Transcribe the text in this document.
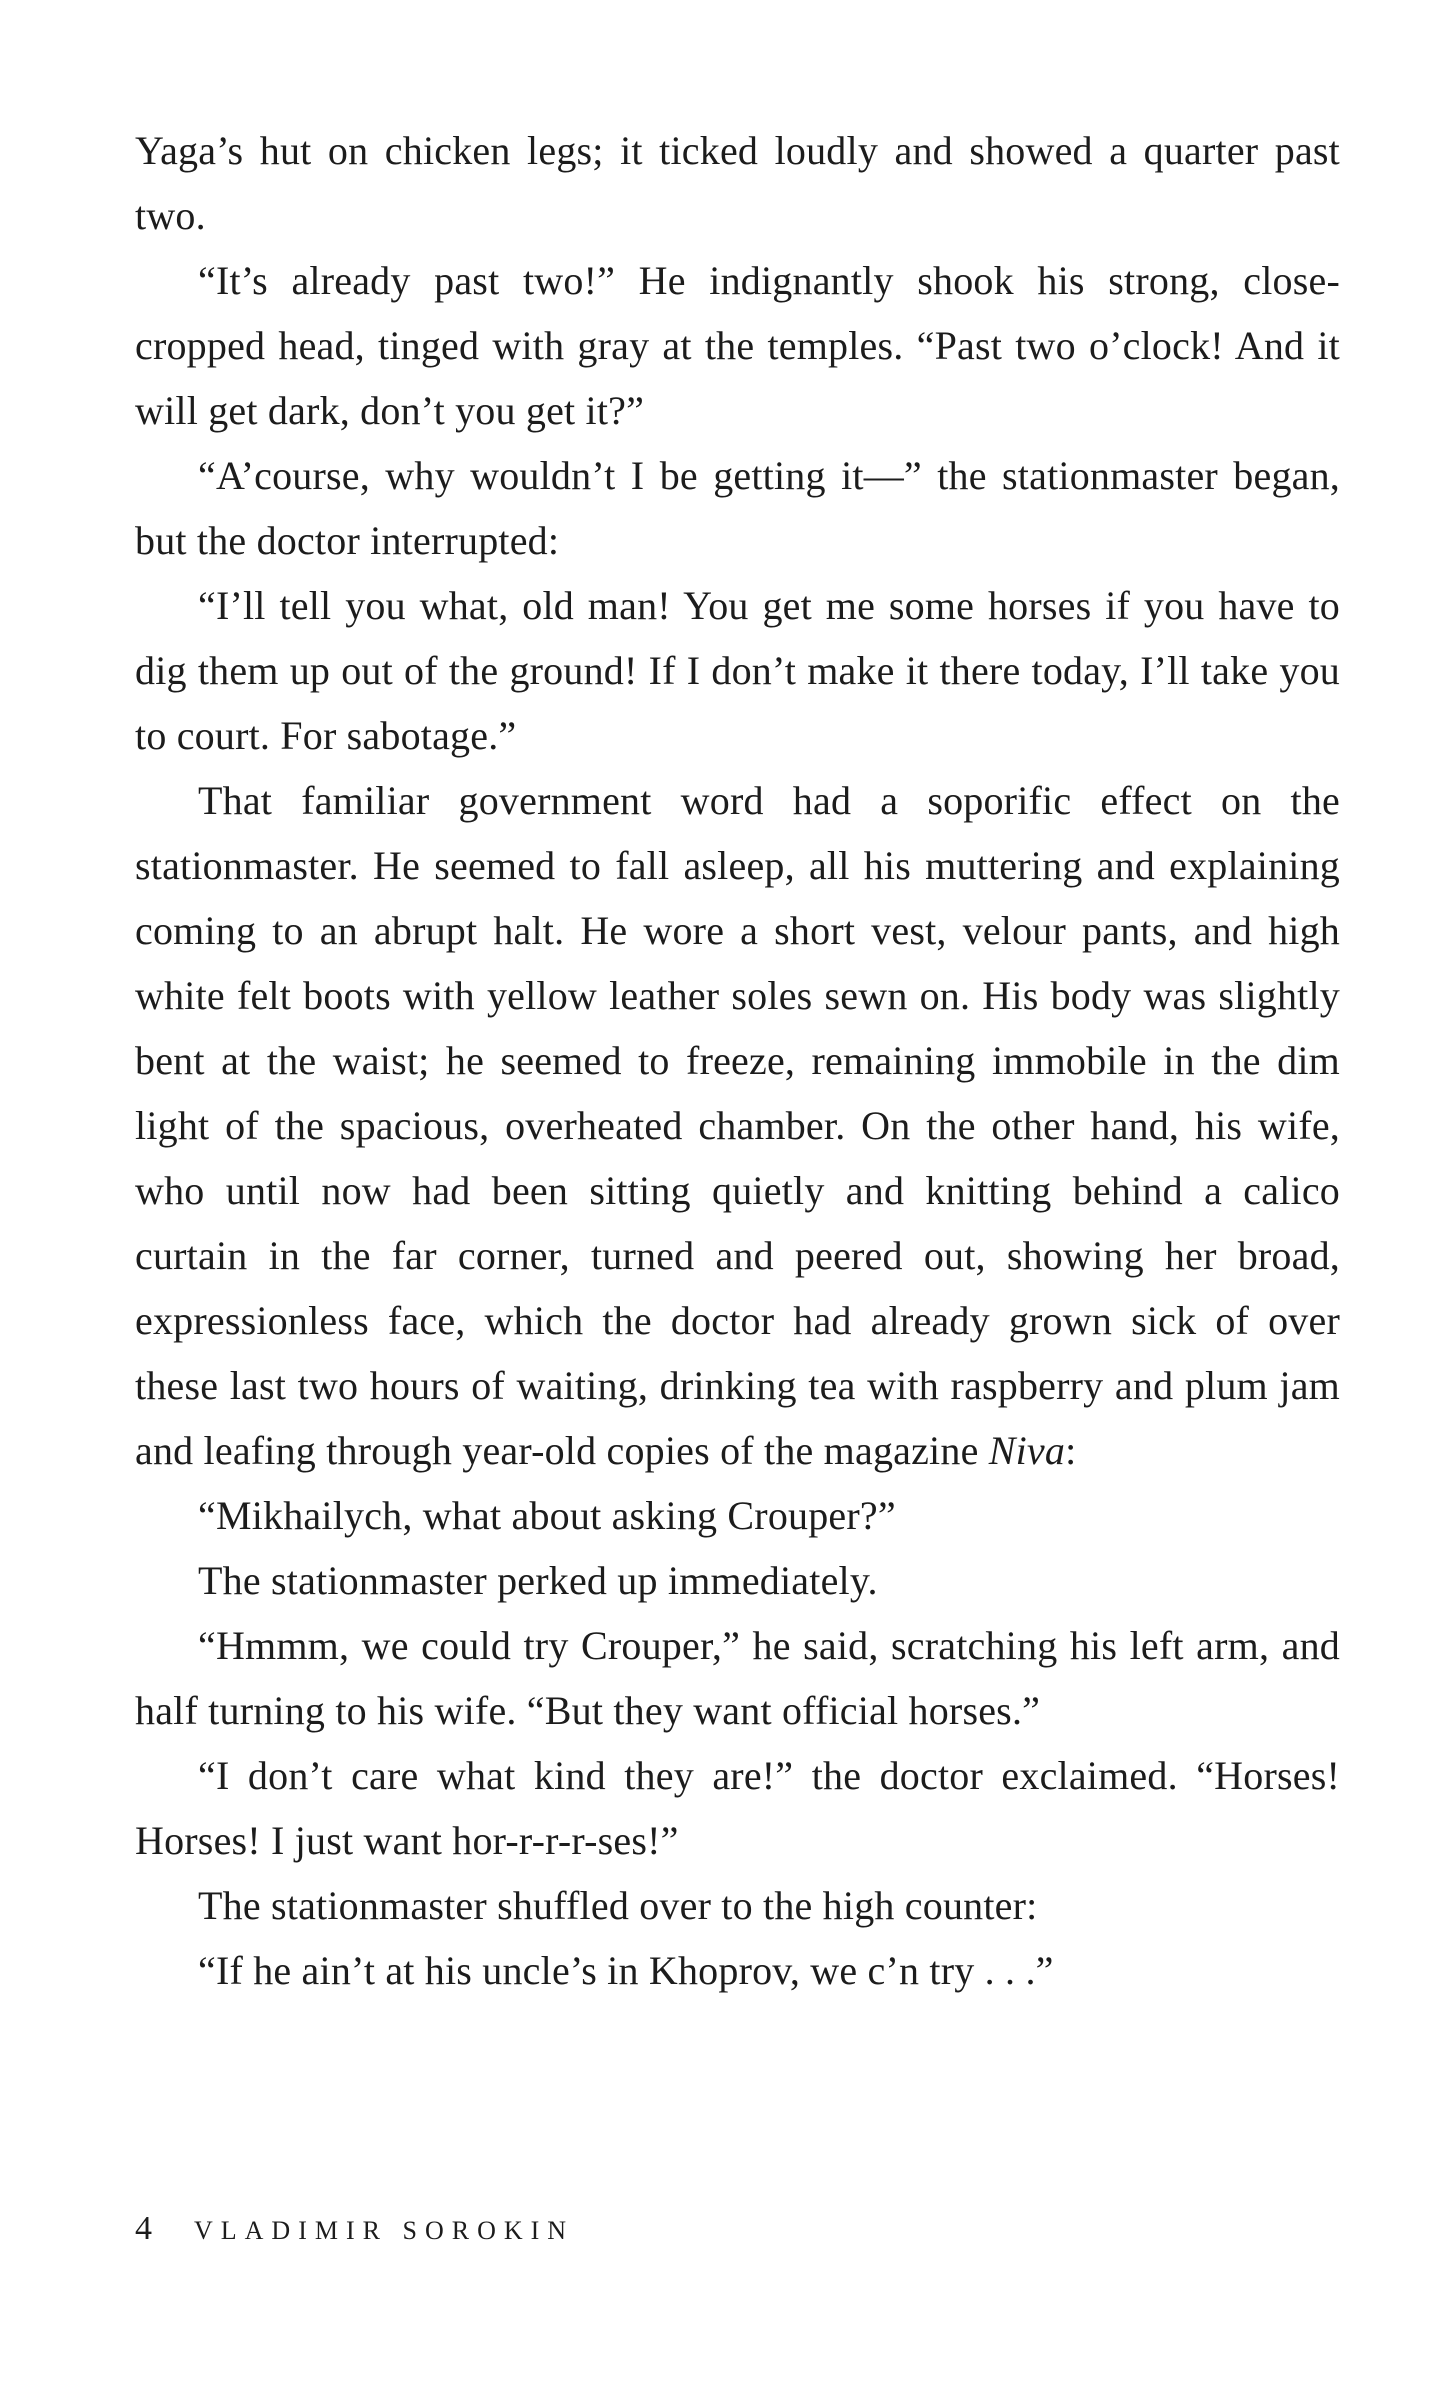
Yaga’s hut on chicken legs; it ticked loudly and showed a quarter past two.

“It’s already past two!” He indignantly shook his strong, close-cropped head, tinged with gray at the temples. “Past two o’clock! And it will get dark, don’t you get it?”

“A’course, why wouldn’t I be getting it—” the stationmaster began, but the doctor interrupted:

“I’ll tell you what, old man! You get me some horses if you have to dig them up out of the ground! If I don’t make it there today, I’ll take you to court. For sabotage.”

That familiar government word had a soporific effect on the stationmaster. He seemed to fall asleep, all his muttering and explaining coming to an abrupt halt. He wore a short vest, velour pants, and high white felt boots with yellow leather soles sewn on. His body was slightly bent at the waist; he seemed to freeze, remaining immobile in the dim light of the spacious, overheated chamber. On the other hand, his wife, who until now had been sitting quietly and knitting behind a calico curtain in the far corner, turned and peered out, showing her broad, expressionless face, which the doctor had already grown sick of over these last two hours of waiting, drinking tea with raspberry and plum jam and leafing through year-old copies of the magazine Niva:

“Mikhailych, what about asking Crouper?”

The stationmaster perked up immediately.

“Hmmm, we could try Crouper,” he said, scratching his left arm, and half turning to his wife. “But they want official horses.”

“I don’t care what kind they are!” the doctor exclaimed. “Horses! Horses! I just want hor-r-r-r-ses!”

The stationmaster shuffled over to the high counter:

“If he ain’t at his uncle’s in Khoprov, we c’n try . . .”

4 VLADIMIR SOROKIN
